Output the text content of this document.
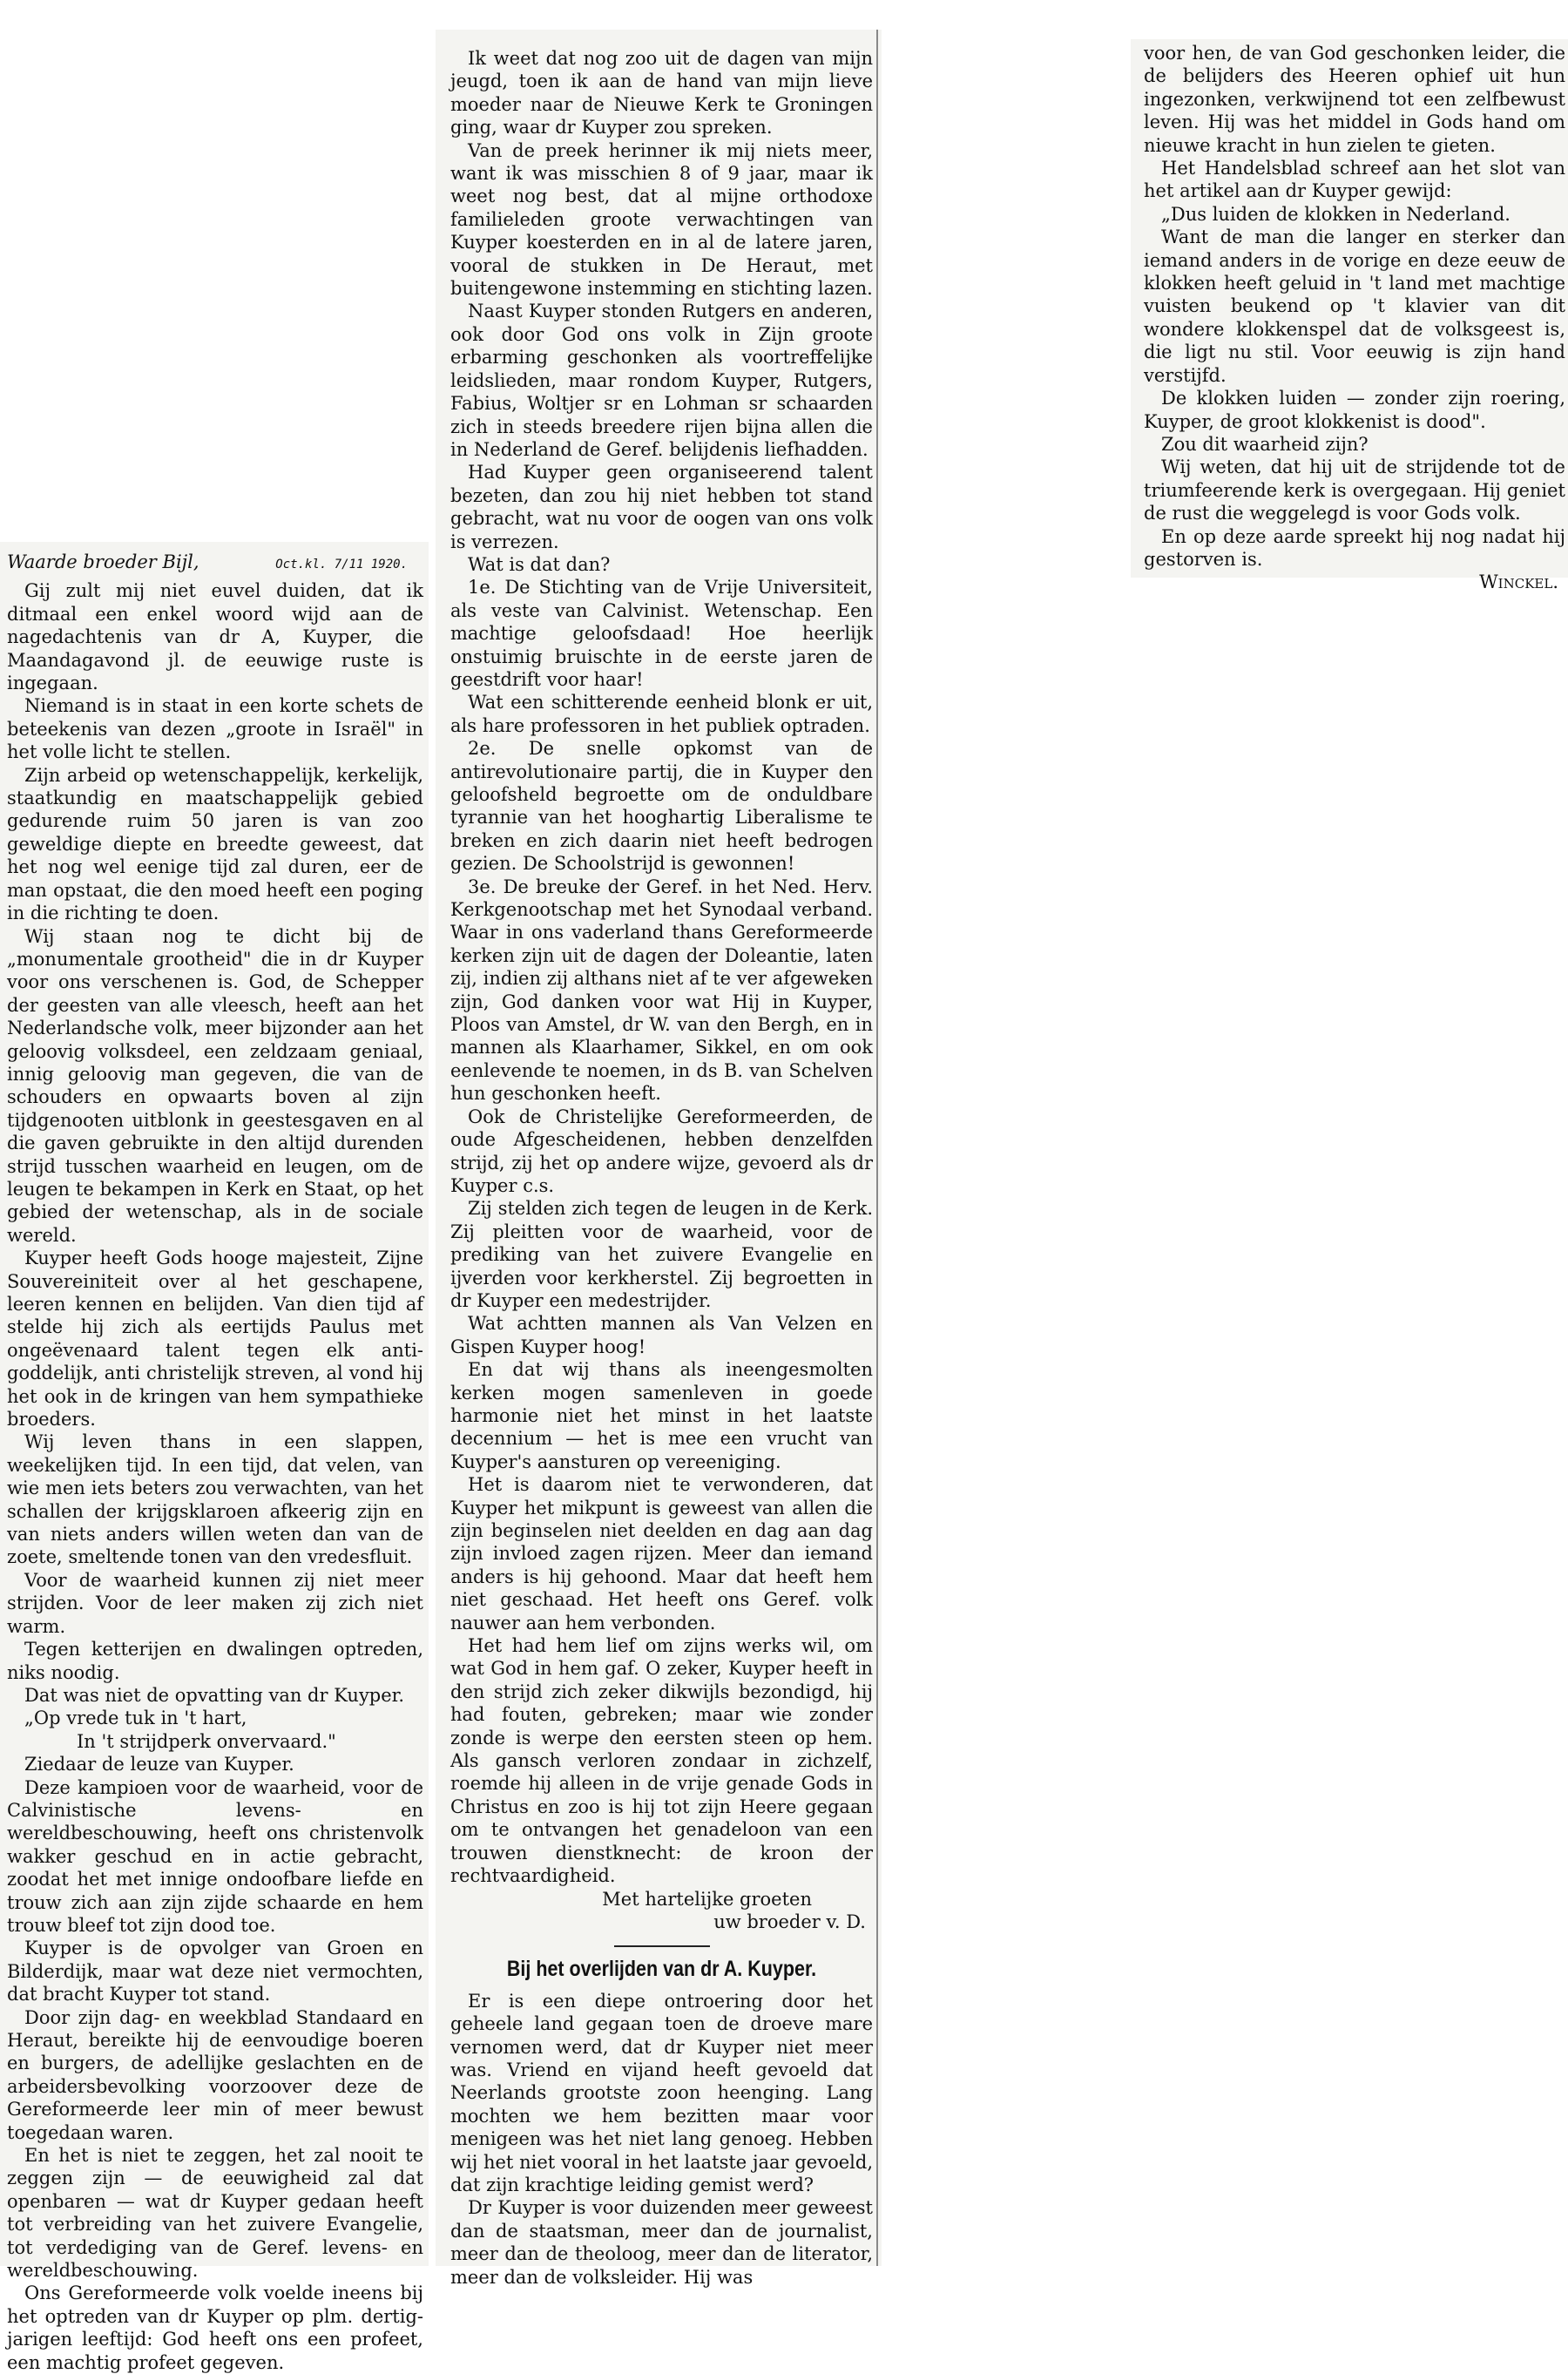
Waarde broeder Bijl,	Oct.kl. 7/11 1920.

Gij zult mij niet euvel duiden, dat ik ditmaal een enkel woord wijd aan de nagedachtenis van dr A, Kuyper, die Maandagavond jl. de eeuwige ruste is ingegaan.

Niemand is in staat in een korte schets de beteekenis van dezen „groote in Israël" in het volle licht te stellen.

Zijn arbeid op wetenschappelijk, kerkelijk, staatkundig en maatschappelijk gebied gedurende ruim 50 jaren is van zoo geweldige diepte en breedte geweest, dat het nog wel eenige tijd zal duren, eer de man opstaat, die den moed heeft een poging in die richting te doen.

Wij staan nog te dicht bij de „monumentale grootheid" die in dr Kuyper voor ons verschenen is. God, de Schepper der geesten van alle vleesch, heeft aan het Nederlandsche volk, meer bijzonder aan het geloovig volksdeel, een zeldzaam geniaal, innig geloovig man gegeven, die van de schouders en opwaarts boven al zijn tijdgenooten uitblonk in geestesgaven en al die gaven gebruikte in den altijd durenden strijd tusschen waarheid en leugen, om de leugen te bekampen in Kerk en Staat, op het gebied der wetenschap, als in de sociale wereld.

Kuyper heeft Gods hooge majesteit, Zijne Souvereiniteit over al het geschapene, leeren kennen en belijden. Van dien tijd af stelde hij zich als eertijds Paulus met ongeëvenaard talent tegen elk anti-goddelijk, anti christelijk streven, al vond hij het ook in de kringen van hem sympathieke broeders.

Wij leven thans in een slappen, weekelijken tijd. In een tijd, dat velen, van wie men iets beters zou verwachten, van het schallen der krijgsklaroen afkeerig zijn en van niets anders willen weten dan van de zoete, smeltende tonen van den vredesfluit.

Voor de waarheid kunnen zij niet meer strijden. Voor de leer maken zij zich niet warm.

Tegen ketterijen en dwalingen optreden, niks noodig.

Dat was niet de opvatting van dr Kuyper.

„Op vrede tuk in 't hart,

In 't strijdperk onvervaard."

Ziedaar de leuze van Kuyper.

Deze kampioen voor de waarheid, voor de Calvinistische levens- en wereldbeschouwing, heeft ons christenvolk wakker geschud en in actie gebracht, zoodat het met innige ondoofbare liefde en trouw zich aan zijn zijde schaarde en hem trouw bleef tot zijn dood toe.

Kuyper is de opvolger van Groen en Bilderdijk, maar wat deze niet vermochten, dat bracht Kuyper tot stand.

Door zijn dag- en weekblad Standaard en Heraut, bereikte hij de eenvoudige boeren en burgers, de adellijke geslachten en de arbeidersbevolking voorzoover deze de Gereformeerde leer min of meer bewust toegedaan waren.

En het is niet te zeggen, het zal nooit te zeggen zijn — de eeuwigheid zal dat openbaren — wat dr Kuyper gedaan heeft tot verbreiding van het zuivere Evangelie, tot verdediging van de Geref. levens- en wereldbeschouwing.

Ons Gereformeerde volk voelde ineens bij het optreden van dr Kuyper op plm. dertig-jarigen leeftijd: God heeft ons een profeet, een machtig profeet gegeven.

Ik weet dat nog zoo uit de dagen van mijn jeugd, toen ik aan de hand van mijn lieve moeder naar de Nieuwe Kerk te Groningen ging, waar dr Kuyper zou spreken.

Van de preek herinner ik mij niets meer, want ik was misschien 8 of 9 jaar, maar ik weet nog best, dat al mijne orthodoxe familieleden groote verwachtingen van Kuyper koesterden en in al de latere jaren, vooral de stukken in De Heraut, met buitengewone instemming en stichting lazen.

Naast Kuyper stonden Rutgers en anderen, ook door God ons volk in Zijn groote erbarming geschonken als voortreffelijke leidslieden, maar rondom Kuyper, Rutgers, Fabius, Woltjer sr en Lohman sr schaarden zich in steeds breedere rijen bijna allen die in Nederland de Geref. belijdenis liefhadden.

Had Kuyper geen organiseerend talent bezeten, dan zou hij niet hebben tot stand gebracht, wat nu voor de oogen van ons volk is verrezen.

Wat is dat dan?

1e. De Stichting van de Vrije Universiteit, als veste van Calvinist. Wetenschap. Een machtige geloofsdaad! Hoe heerlijk onstuimig bruischte in de eerste jaren de geestdrift voor haar!

Wat een schitterende eenheid blonk er uit, als hare professoren in het publiek optraden.

2e. De snelle opkomst van de antirevolutionaire partij, die in Kuyper den geloofsheld begroette om de onduldbare tyrannie van het hooghartig Liberalisme te breken en zich daarin niet heeft bedrogen gezien. De Schoolstrijd is gewonnen!

3e. De breuke der Geref. in het Ned. Herv. Kerkgenootschap met het Synodaal verband. Waar in ons vaderland thans Gereformeerde kerken zijn uit de dagen der Doleantie, laten zij, indien zij althans niet af te ver afgeweken zijn, God danken voor wat Hij in Kuyper, Ploos van Amstel, dr W. van den Bergh, en in mannen als Klaarhamer, Sikkel, en om ook eenlevende te noemen, in ds B. van Schelven hun geschonken heeft.

Ook de Christelijke Gereformeerden, de oude Afgescheidenen, hebben denzelfden strijd, zij het op andere wijze, gevoerd als dr Kuyper c.s.

Zij stelden zich tegen de leugen in de Kerk. Zij pleitten voor de waarheid, voor de prediking van het zuivere Evangelie en ijverden voor kerkherstel. Zij begroetten in dr Kuyper een medestrijder.

Wat achtten mannen als Van Velzen en Gispen Kuyper hoog!

En dat wij thans als ineengesmolten kerken mogen samenleven in goede harmonie niet het minst in het laatste decennium — het is mee een vrucht van Kuyper's aansturen op vereeniging.

Het is daarom niet te verwonderen, dat Kuyper het mikpunt is geweest van allen die zijn beginselen niet deelden en dag aan dag zijn invloed zagen rijzen. Meer dan iemand anders is hij gehoond. Maar dat heeft hem niet geschaad. Het heeft ons Geref. volk nauwer aan hem verbonden.

Het had hem lief om zijns werks wil, om wat God in hem gaf. O zeker, Kuyper heeft in den strijd zich zeker dikwijls bezondigd, hij had fouten, gebreken; maar wie zonder zonde is werpe den eersten steen op hem. Als gansch verloren zondaar in zichzelf, roemde hij alleen in de vrije genade Gods in Christus en zoo is hij tot zijn Heere gegaan om te ontvangen het genadeloon van een trouwen dienstknecht: de kroon der rechtvaardigheid.

Met hartelijke groeten

uw broeder v. D.

Bij het overlijden van dr A. Kuyper.

Er is een diepe ontroering door het geheele land gegaan toen de droeve mare vernomen werd, dat dr Kuyper niet meer was. Vriend en vijand heeft gevoeld dat Neerlands grootste zoon heenging. Lang mochten we hem bezitten maar voor menigeen was het niet lang genoeg. Hebben wij het niet vooral in het laatste jaar gevoeld, dat zijn krachtige leiding gemist werd?

Dr Kuyper is voor duizenden meer geweest dan de staatsman, meer dan de journalist, meer dan de theoloog, meer dan de literator, meer dan de volksleider. Hij was

voor hen, de van God geschonken leider, die de belijders des Heeren ophief uit hun ingezonken, verkwijnend tot een zelfbewust leven. Hij was het middel in Gods hand om nieuwe kracht in hun zielen te gieten.

Het Handelsblad schreef aan het slot van het artikel aan dr Kuyper gewijd:

„Dus luiden de klokken in Nederland.

Want de man die langer en sterker dan iemand anders in de vorige en deze eeuw de klokken heeft geluid in 't land met machtige vuisten beukend op 't klavier van dit wondere klokkenspel dat de volksgeest is, die ligt nu stil. Voor eeuwig is zijn hand verstijfd.

De klokken luiden — zonder zijn roering, Kuyper, de groot klokkenist is dood".

Zou dit waarheid zijn?

Wij weten, dat hij uit de strijdende tot de triumfeerende kerk is overgegaan. Hij geniet de rust die weggelegd is voor Gods volk.

En op deze aarde spreekt hij nog nadat hij gestorven is.

Winckel.
